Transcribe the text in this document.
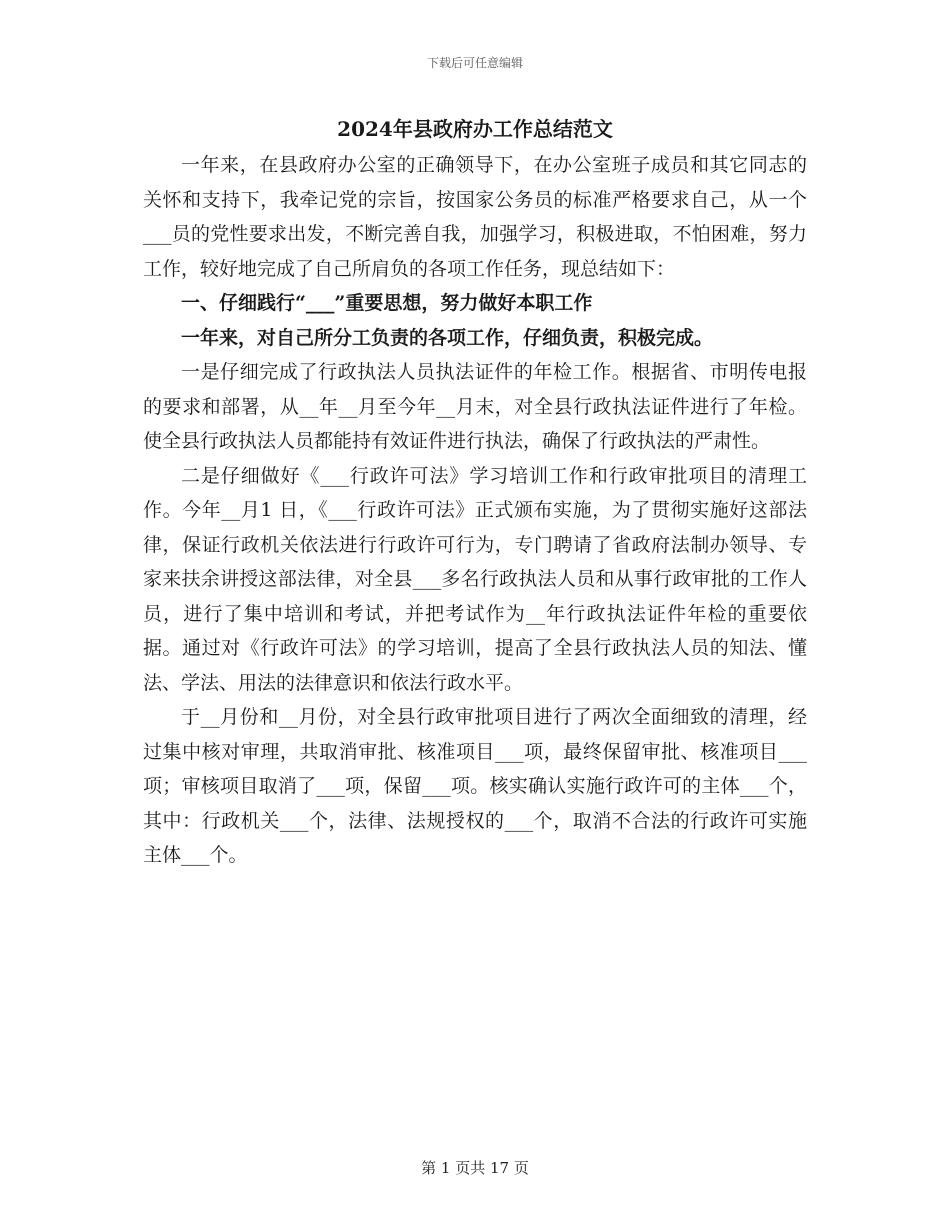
下载后可任意编辑
2024年县政府办工作总结范文

一年来，在县政府办公室的正确领导下，在办公室班子成员和其它同志的关怀和支持下，我牵记党的宗旨，按国家公务员的标准严格要求自己，从一个___员的党性要求出发，不断完善自我，加强学习，积极进取，不怕困难，努力工作，较好地完成了自己所肩负的各项工作任务，现总结如下：

一、仔细践行“___”重要思想，努力做好本职工作

一年来，对自己所分工负责的各项工作，仔细负责，积极完成。

一是仔细完成了行政执法人员执法证件的年检工作。根据省、市明传电报的要求和部署，从__年__月至今年__月末，对全县行政执法证件进行了年检。使全县行政执法人员都能持有效证件进行执法，确保了行政执法的严肃性。

二是仔细做好《___行政许可法》学习培训工作和行政审批项目的清理工作。今年__月1 日，《___行政许可法》正式颁布实施，为了贯彻实施好这部法律，保证行政机关依法进行行政许可行为，专门聘请了省政府法制办领导、专家来扶余讲授这部法律，对全县___多名行政执法人员和从事行政审批的工作人员，进行了集中培训和考试，并把考试作为__年行政执法证件年检的重要依据。通过对《行政许可法》的学习培训，提高了全县行政执法人员的知法、懂法、学法、用法的法律意识和依法行政水平。

于__月份和__月份，对全县行政审批项目进行了两次全面细致的清理，经过集中核对审理，共取消审批、核准项目___项，最终保留审批、核准项目___项；审核项目取消了___项，保留___项。核实确认实施行政许可的主体___个，其中：行政机关___个，法律、法规授权的___个，取消不合法的行政许可实施主体___个。

第 1 页共 17 页
